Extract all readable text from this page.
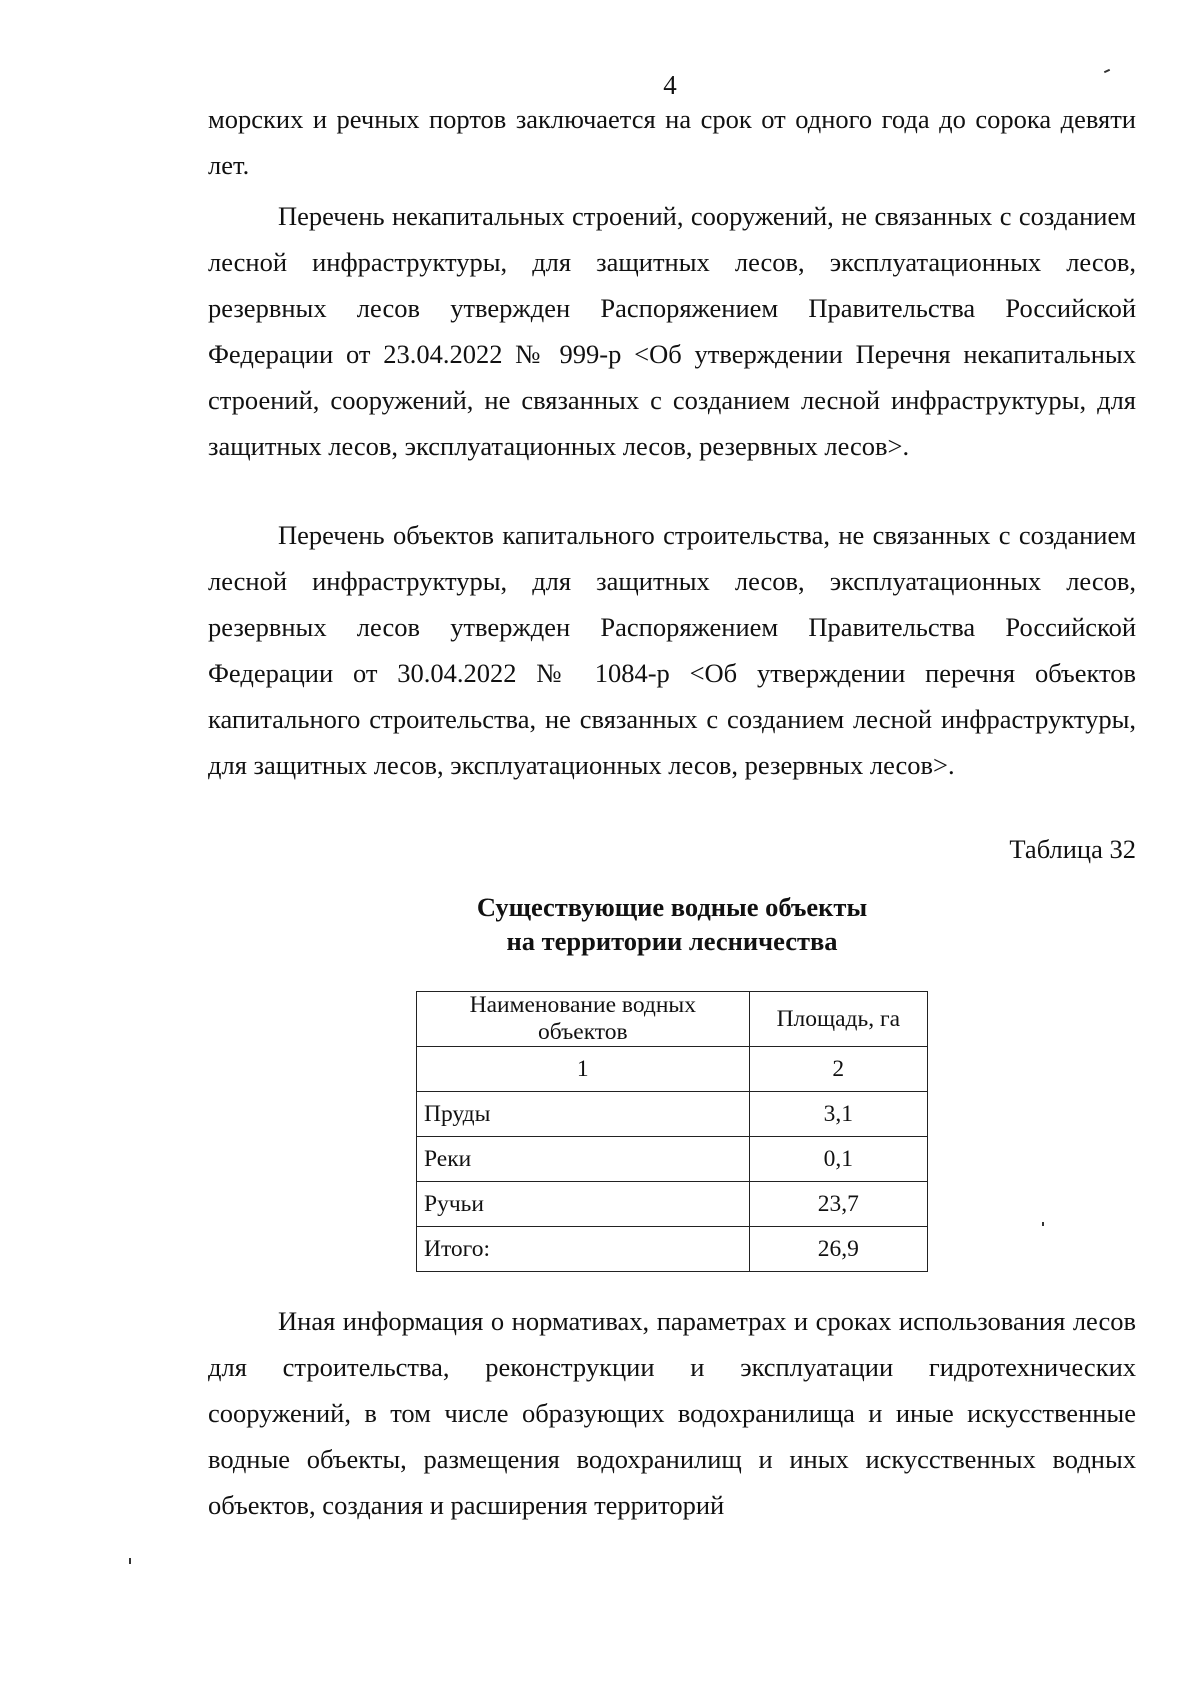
4

морских и речных портов заключается на срок от одного года до сорока девяти лет.

Перечень некапитальных строений, сооружений, не связанных с созданием лесной инфраструктуры, для защитных лесов, эксплуатационных лесов, резервных лесов утвержден Распоряжением Правительства Российской Федерации от 23.04.2022 № 999-р <Об утверждении Перечня некапитальных строений, сооружений, не связанных с созданием лесной инфраструктуры, для защитных лесов, эксплуатационных лесов, резервных лесов>.

Перечень объектов капитального строительства, не связанных с созданием лесной инфраструктуры, для защитных лесов, эксплуатационных лесов, резервных лесов утвержден Распоряжением Правительства Российской Федерации от 30.04.2022 № 1084-р <Об утверждении перечня объектов капитального строительства, не связанных с созданием лесной инфраструктуры, для защитных лесов, эксплуатационных лесов, резервных лесов>.

Таблица 32
Существующие водные объекты
на территории лесничества
Наименование водных объектов	Площадь, га
1	2
Пруды	3,1
Реки	0,1
Ручьи	23,7
Итого:	26,9

Иная информация о нормативах, параметрах и сроках использования лесов для строительства, реконструкции и эксплуатации гидротехнических сооружений, в том числе образующих водохранилища и иные искусственные водные объекты, размещения водохранилищ и иных искусственных водных объектов, создания и расширения территорий
